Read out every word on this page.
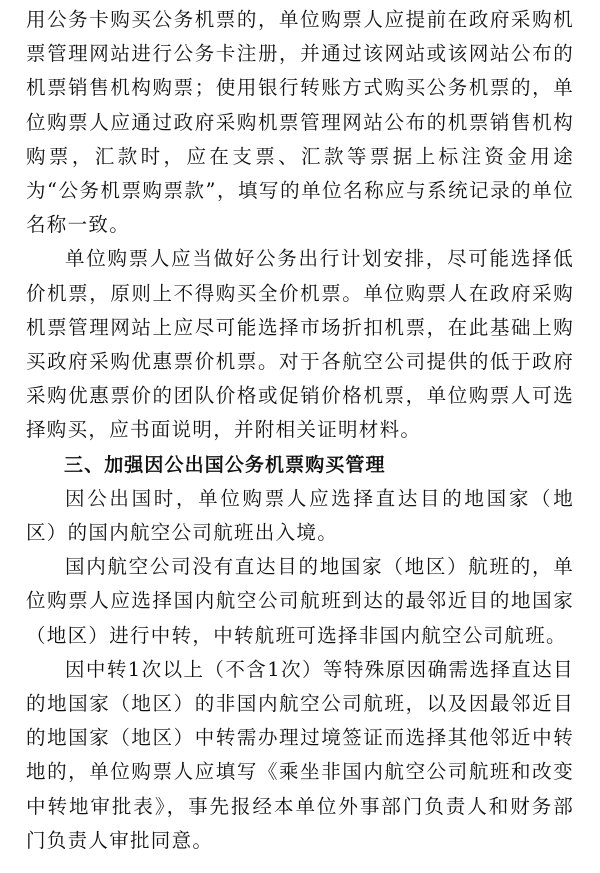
用公务卡购买公务机票的，单位购票人应提前在政府采购机票管理网站进行公务卡注册，并通过该网站或该网站公布的机票销售机构购票；使用银行转账方式购买公务机票的，单位购票人应通过政府采购机票管理网站公布的机票销售机构购票，汇款时，应在支票、汇款等票据上标注资金用途为“公务机票购票款”，填写的单位名称应与系统记录的单位名称一致。

单位购票人应当做好公务出行计划安排，尽可能选择低价机票，原则上不得购买全价机票。单位购票人在政府采购机票管理网站上应尽可能选择市场折扣机票，在此基础上购买政府采购优惠票价机票。对于各航空公司提供的低于政府采购优惠票价的团队价格或促销价格机票，单位购票人可选择购买，应书面说明，并附相关证明材料。

三、加强因公出国公务机票购买管理

因公出国时，单位购票人应选择直达目的地国家（地区）的国内航空公司航班出入境。

国内航空公司没有直达目的地国家（地区）航班的，单位购票人应选择国内航空公司航班到达的最邻近目的地国家（地区）进行中转，中转航班可选择非国内航空公司航班。

因中转1次以上（不含1次）等特殊原因确需选择直达目的地国家（地区）的非国内航空公司航班，以及因最邻近目的地国家（地区）中转需办理过境签证而选择其他邻近中转地的，单位购票人应填写《乘坐非国内航空公司航班和改变中转地审批表》，事先报经本单位外事部门负责人和财务部门负责人审批同意。
